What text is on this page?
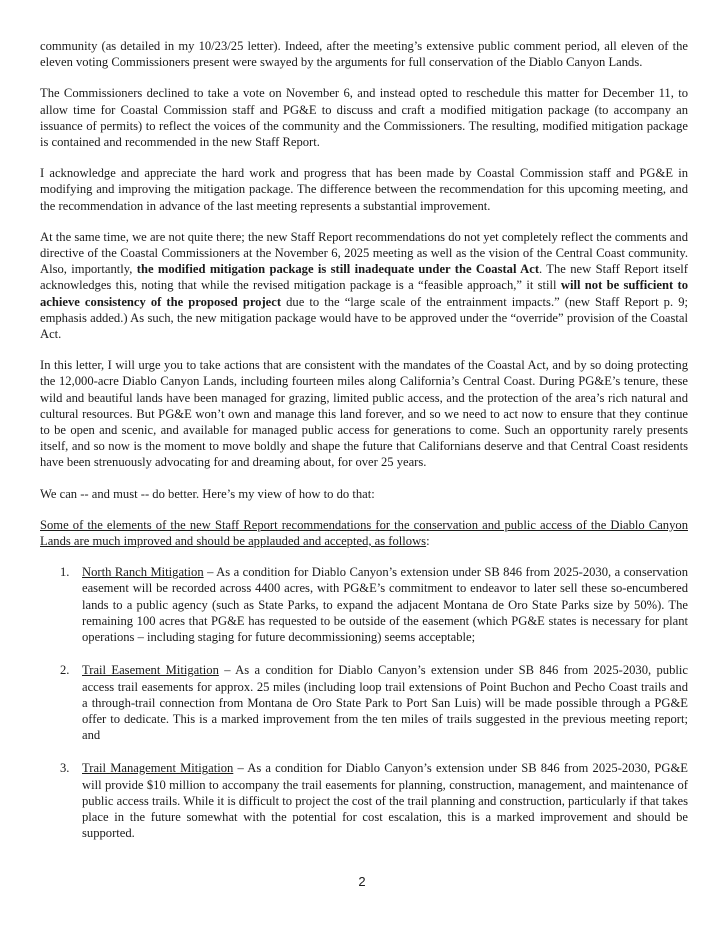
community (as detailed in my 10/23/25 letter). Indeed, after the meeting’s extensive public comment period, all eleven of the eleven voting Commissioners present were swayed by the arguments for full conservation of the Diablo Canyon Lands.

The Commissioners declined to take a vote on November 6, and instead opted to reschedule this matter for December 11, to allow time for Coastal Commission staff and PG&E to discuss and craft a modified mitigation package (to accompany an issuance of permits) to reflect the voices of the community and the Commissioners. The resulting, modified mitigation package is contained and recommended in the new Staff Report.

I acknowledge and appreciate the hard work and progress that has been made by Coastal Commission staff and PG&E in modifying and improving the mitigation package. The difference between the recommendation for this upcoming meeting, and the recommendation in advance of the last meeting represents a substantial improvement.

At the same time, we are not quite there; the new Staff Report recommendations do not yet completely reflect the comments and directive of the Coastal Commissioners at the November 6, 2025 meeting as well as the vision of the Central Coast community. Also, importantly, the modified mitigation package is still inadequate under the Coastal Act. The new Staff Report itself acknowledges this, noting that while the revised mitigation package is a “feasible approach,” it still will not be sufficient to achieve consistency of the proposed project due to the “large scale of the entrainment impacts.” (new Staff Report p. 9; emphasis added.) As such, the new mitigation package would have to be approved under the “override” provision of the Coastal Act.

In this letter, I will urge you to take actions that are consistent with the mandates of the Coastal Act, and by so doing protecting the 12,000-acre Diablo Canyon Lands, including fourteen miles along California’s Central Coast. During PG&E’s tenure, these wild and beautiful lands have been managed for grazing, limited public access, and the protection of the area’s rich natural and cultural resources. But PG&E won’t own and manage this land forever, and so we need to act now to ensure that they continue to be open and scenic, and available for managed public access for generations to come. Such an opportunity rarely presents itself, and so now is the moment to move boldly and shape the future that Californians deserve and that Central Coast residents have been strenuously advocating for and dreaming about, for over 25 years.

We can -- and must -- do better. Here’s my view of how to do that:

Some of the elements of the new Staff Report recommendations for the conservation and public access of the Diablo Canyon Lands are much improved and should be applauded and accepted, as follows:

1. North Ranch Mitigation – As a condition for Diablo Canyon’s extension under SB 846 from 2025-2030, a conservation easement will be recorded across 4400 acres, with PG&E’s commitment to endeavor to later sell these so-encumbered lands to a public agency (such as State Parks, to expand the adjacent Montana de Oro State Parks size by 50%). The remaining 100 acres that PG&E has requested to be outside of the easement (which PG&E states is necessary for plant operations – including staging for future decommissioning) seems acceptable;
2. Trail Easement Mitigation – As a condition for Diablo Canyon’s extension under SB 846 from 2025-2030, public access trail easements for approx. 25 miles (including loop trail extensions of Point Buchon and Pecho Coast trails and a through-trail connection from Montana de Oro State Park to Port San Luis) will be made possible through a PG&E offer to dedicate. This is a marked improvement from the ten miles of trails suggested in the previous meeting report; and
3. Trail Management Mitigation – As a condition for Diablo Canyon’s extension under SB 846 from 2025-2030, PG&E will provide $10 million to accompany the trail easements for planning, construction, management, and maintenance of public access trails. While it is difficult to project the cost of the trail planning and construction, particularly if that takes place in the future somewhat with the potential for cost escalation, this is a marked improvement and should be supported.
2
